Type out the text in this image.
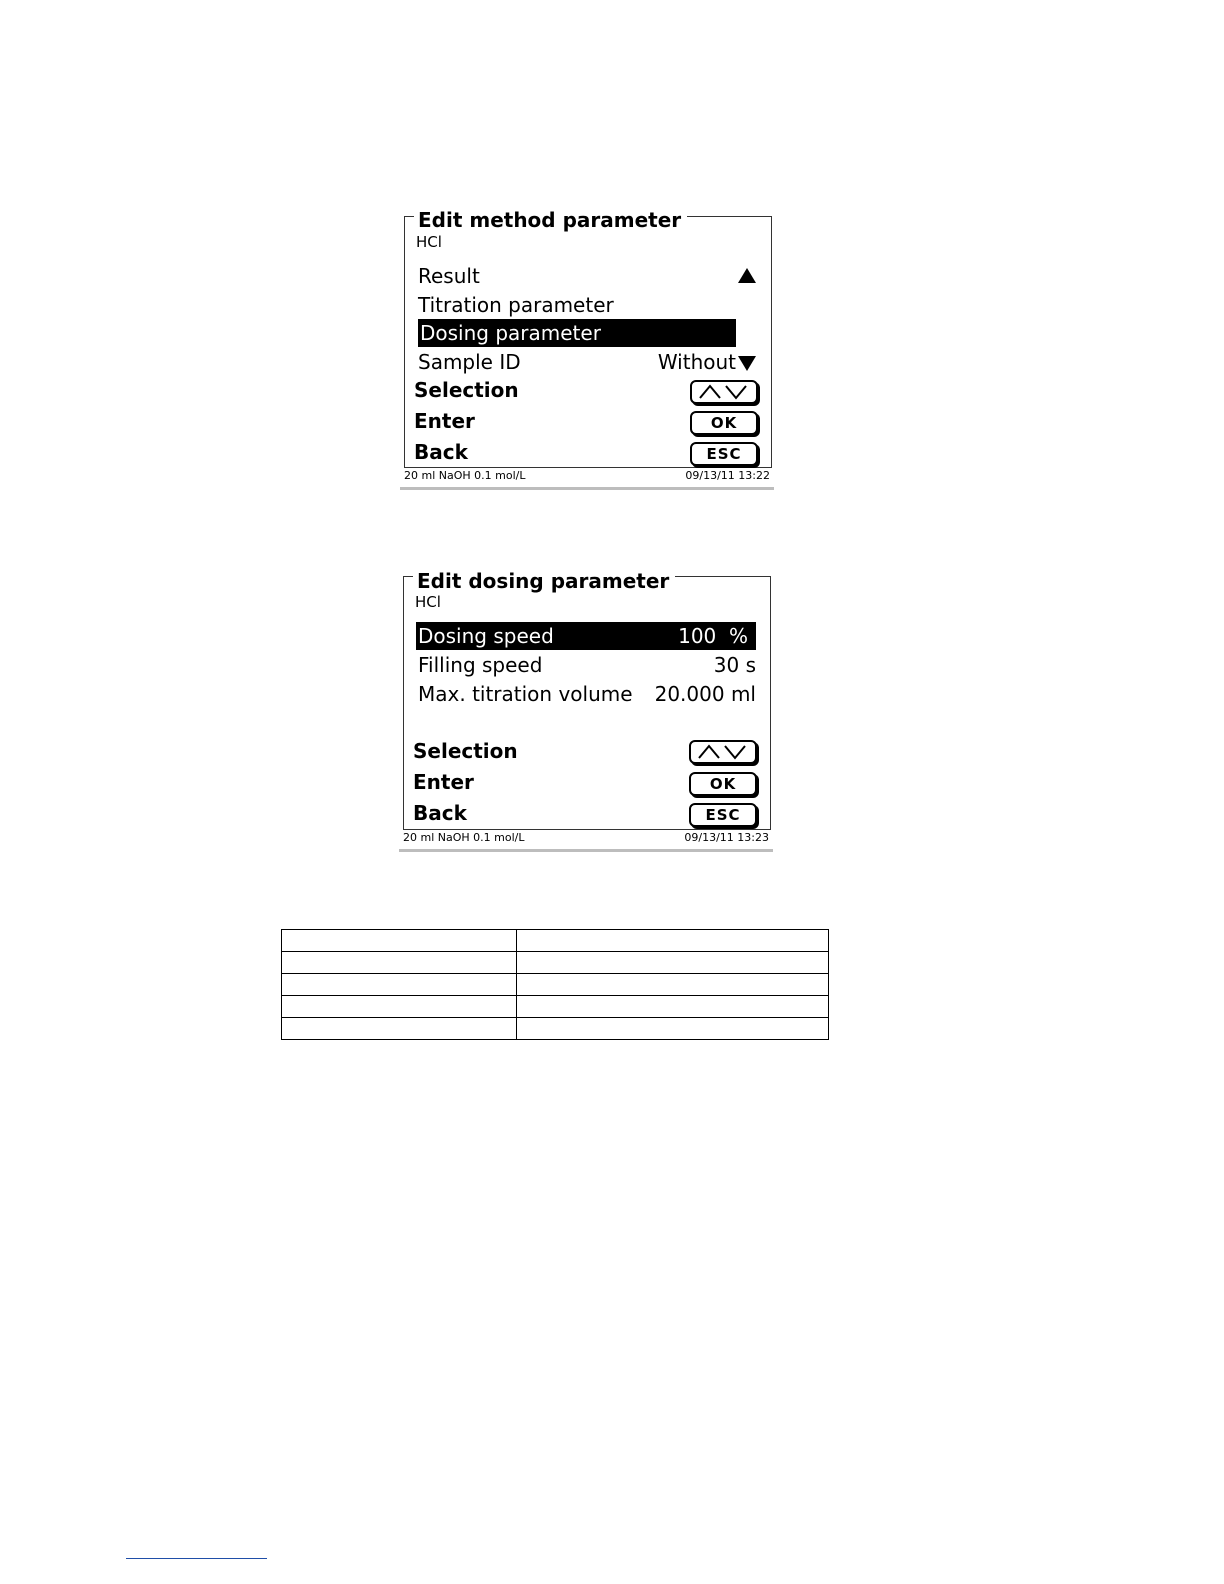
Edit method parameter
HCl
Result
Titration parameter
Dosing parameter
Sample ID	Without
Selection
Enter	OK
Back	ESC
20 ml NaOH 0.1 mol/L	09/13/11 13:22
Edit dosing parameter
HCl
Dosing speed	100  %
Filling speed	30 s
Max. titration volume 20.000 ml
Selection
Enter	OK
Back	ESC
20 ml NaOH 0.1 mol/L	09/13/11 13:23
